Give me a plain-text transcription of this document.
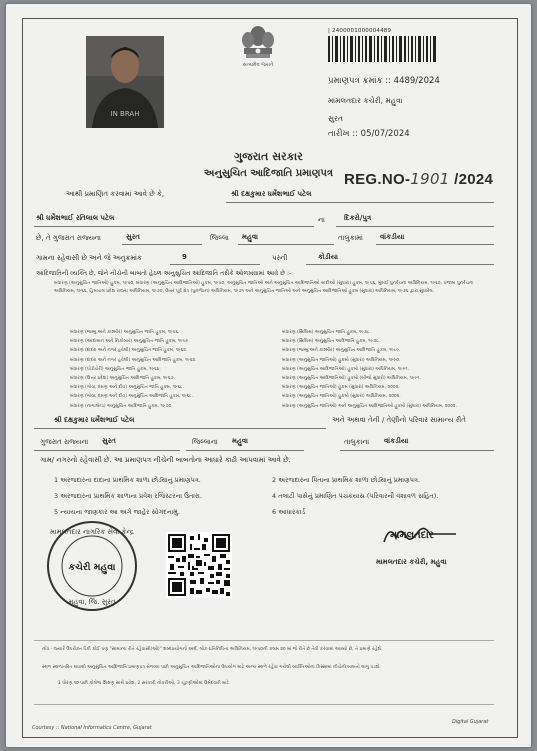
IN BRAH
સત્યમેવ જયતે
| 2400001000004489
પ્રમાણપત્ર ક્રમાંક :: 4489/2024
મામલતદાર કચેરી, મહુવા
સુરત
તારીખ :: 05/07/2024
ગુજરાત સરકાર
અનુસુચિત આદિજાતિ પ્રમાણપત્ર REG.NO-1901 /2024
આથી પ્રમાણિત કરવામાં આવે છે કે,	શ્રી દક્ષકુમાર ધર્મેશભાઈ પટેલ
શ્રી ધર્મેશભાઈ રતિલાલ પટેલ	ના	દિકરો/પુત્ર
છે, તે ગુજરાત રાજ્યના	સુરત	જિલ્લા મહુવા	તાલુકામાં વાંકડીયા
ગામના રહેવાસી છે અને જે અનુક્રમાંક	9	પરની	કોડીયા
આદિજાતિની વ્યક્તિ છે, જેને નીચેની બાબતો હેઠળ અનુસુચિત આદિજાતિ તરીકે ઓળખવામાં આવે છે :-
બંધારણ (અનુસુચિત જાતિઓ) હુકમ, ૧૯૫૦, બંધારણ (અનુસુચિત આદિજાતિઓ) હુકમ, ૧૯૫૦, અનુસુચિત જાતિઓ અને અનુસુચિત આદિજાતિઓ યાદીઓ (સુધારા) હુકમ, ૧૯૫૬, મુંબઈ પુનર્રચના અધિનિયમ, ૧૯૬૦, પંજાબ પુનર્રચના અધિનિયમ, ૧૯૬૬, હિમાચલ પ્રદેશ રાજ્ય અધિનિયમ, ૧૯૭૦, ઉત્તર પૂર્વ ક્ષેત્ર (પુનર્ગઠન) અધિનિયમ, ૧૯૭૧ અને અનુસુચિત જાતિઓ અને અનુસુચિત આદિજાતિઓ હુકમ (સુધારા) અધિનિયમ, ૧૯૭૬ દ્વારા સુધારેલ.
બંધારણ (જમ્મુ અને કાશ્મીર) અનુસુચિત જાતિ હુકમ, ૧૯૫૬.
બંધારણ (આંદામાન અને નિકોબાર) અનુસુચિત જાતિ હુકમ, ૧૯૫૯.
બંધારણ (દાદરા અને નગર હવેલી) અનુસુચિત જાતિ હુકમ, ૧૯૬૨.
બંધારણ (દાદરા અને નગર હવેલી) અનુસુચિત આદિજાતિ હુકમ, ૧૯૬૨.
બંધારણ (પોંડીચેરી) અનુસુચિત જાતિ હુકમ, ૧૯૬૪.
બંધારણ (ઉત્તર પ્રદેશ) અનુસુચિત આદિજાતિ હુકમ, ૧૯૬૭.
બંધારણ (ગોવા, દમણ અને દીવ) અનુસુચિત જાતિ હુકમ, ૧૯૬૮.
બંધારણ (ગોવા, દમણ અને દીવ) અનુસુચિત આદિજાતિ હુકમ, ૧૯૬૮.
બંધારણ (નાગાલેન્ડ) અનુસુચિત આદિજાતિ હુકમ, ૧૯૭૦.
બંધારણ (સિક્કિમ) અનુસુચિત જાતિ હુકમ, ૧૯૭૮.
બંધારણ (સિક્કિમ) અનુસુચિત આદિજાતિ હુકમ, ૧૯૭૮.
બંધારણ (જમ્મુ અને કાશ્મીર) અનુસુચિત આદિજાતિ હુકમ, ૧૯૮૯.
બંધારણ (અનુસુચિત જાતિઓ) હુકમો (સુધારા) અધિનિયમ, ૧૯૯૦.
બંધારણ (અનુસુચિત આદિજાતિઓ) હુકમો (સુધારા) અધિનિયમ, ૧૯૯૧.
બંધારણ (અનુસુચિત આદિજાતિઓ) હુકમો (બીજો સુધારો) અધિનિયમ, ૧૯૯૧.
બંધારણ (અનુસુચિત જાતિઓ) હુકમ (સુધારા) અધિનિયમ, ૨૦૦૨.
બંધારણ (અનુસુચિત જાતિઓ) હુકમો (સુધારા) અધિનિયમ, ૨૦૦૨.
બંધારણ (અનુસુચિત જાતિઓ) અને અનુસુચિત આદિજાતિઓ હુકમો (સુધારા) અધિનિયમ, ૨૦૦૨.
શ્રી દક્ષકુમાર ધર્મેશભાઈ પટેલ	અને અથવા તેની / તેણીનો પરિવાર સામાન્ય રીતે
ગુજરાત રાજ્યના સુરત	જિલ્લાના મહુવા	તાલુકાના વાંકડીયા
ગામ/ નગરનો રહેવાસી છે. આ પ્રમાણપત્ર નીચેની બાબતોના આધારે કાઢી આપવામાં આવે છે.
1 અરજદારના દાદાના પ્રાથમિક શાળા છોડ્યાનું પ્રમાણપત્ર.	2 અરજદારના પિતાના પ્રાથમિક શાળા છોડ્યાનું પ્રમાણપત્ર.
3 અરજદારના પ્રાથમિક શાળાના પ્રવેશ રજિસ્ટરના ઉતારા.	4 તલાટી પાસેનું પ્રમાણિત પંચકયાસ (પરિવારની વંશાવળ સહિત).
5 ન્યાયના જાણકાર આ અંગે જાહેર સોગંદનામું.	6 આધારકાર્ડ
મામલતદાર નાગરિક સેવા કેન્દ્ર
કચેરી મહુવા
મહુવા, જિ. સુરત
મામલતદાર
મામલતદાર કચેરી, મહુવા
નોંધ - જ્યારે ઉપરોક્ત પૈકી કોઈ પણ "સામાન્ય રીતે રહેવાસી(ઓ)" શબ્દપ્રયોગનો અર્થ, લોક-પ્રતિનિધિત્વ અધિનિયમ, ૧૯૫૦ની કલમ ૨૦ માં જે રીતે છે તેવી કરવામાં આવ્યો છે, તે પ્રમાણે રહેશે.
સ્થળ સ્થળાંતરિત થવાથી અનુસુચિત આદિજાતિ પ્રમાણપત્ર મેળવ્યા પછી અનુસુચિત આદિજાતિઓના ઉપયોગ માટે અન્ય સ્થળે રહેવા ગયેલી વ્યક્તિઓના કિસ્સામાં નીચેની બાબતો લાગુ પડશે.
1 ધોરણ ૧૦ પછી કોલેજ શિક્ષણ સાથે પ્રવેશ, 2 સરકારી નોકરીઓ, 3 ચૂંટણીઓમાં ઉમેદવારી માટે.
Courtesy :: National Informatics Centre, Gujarat
Digital Gujarat
